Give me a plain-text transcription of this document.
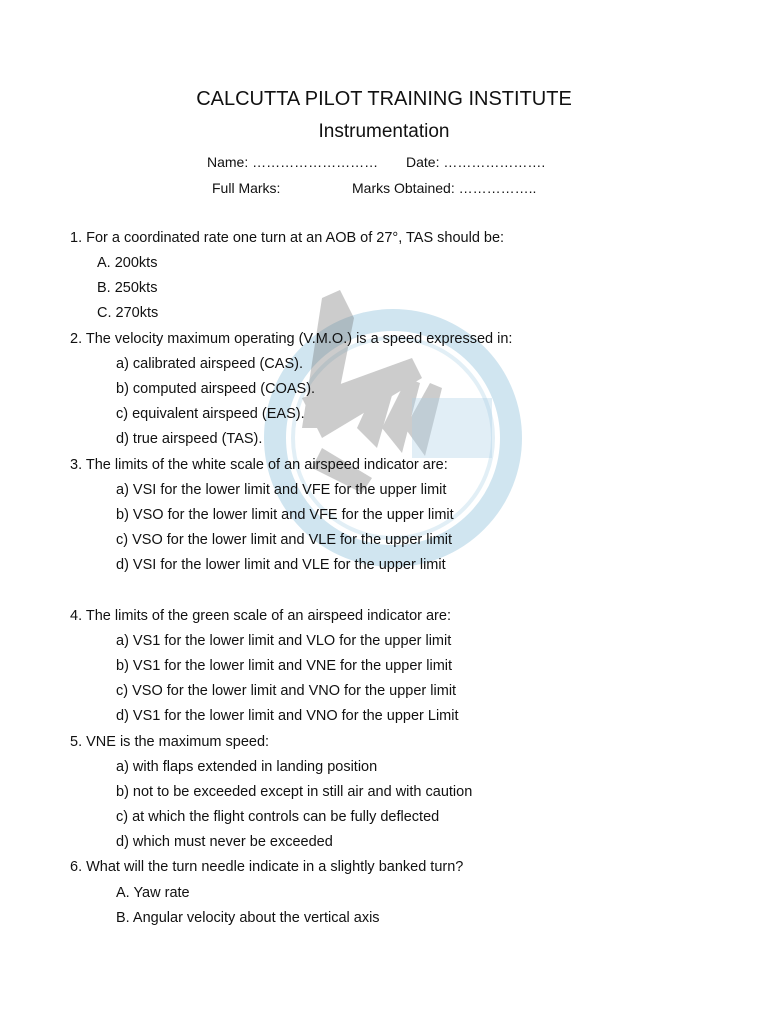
CALCUTTA PILOT TRAINING INSTITUTE
Instrumentation
Name: ……………………… Date: ………………….
Full Marks:	Marks Obtained: ……………..
1. For a coordinated rate one turn at an AOB of 27°, TAS should be:
A. 200kts
B. 250kts
C. 270kts
2. The velocity maximum operating (V.M.O.) is a speed expressed in:
a) calibrated airspeed (CAS).
b) computed airspeed (COAS).
c) equivalent airspeed (EAS).
d) true airspeed (TAS).
3. The limits of the white scale of an airspeed indicator are:
a) VSI for the lower limit and VFE for the upper limit
b) VSO for the lower limit and VFE for the upper limit
c) VSO for the lower limit and VLE for the upper limit
d) VSI for the lower limit and VLE for the upper limit
4. The limits of the green scale of an airspeed indicator are:
a) VS1 for the lower limit and VLO for the upper limit
b) VS1 for the lower limit and VNE for the upper limit
c) VSO for the lower limit and VNO for the upper limit
d) VS1 for the lower limit and VNO for the upper Limit
5. VNE is the maximum speed:
a) with flaps extended in landing position
b) not to be exceeded except in still air and with caution
c) at which the flight controls can be fully deflected
d) which must never be exceeded
6. What will the turn needle indicate in a slightly banked turn?
A. Yaw rate
B. Angular velocity about the vertical axis
